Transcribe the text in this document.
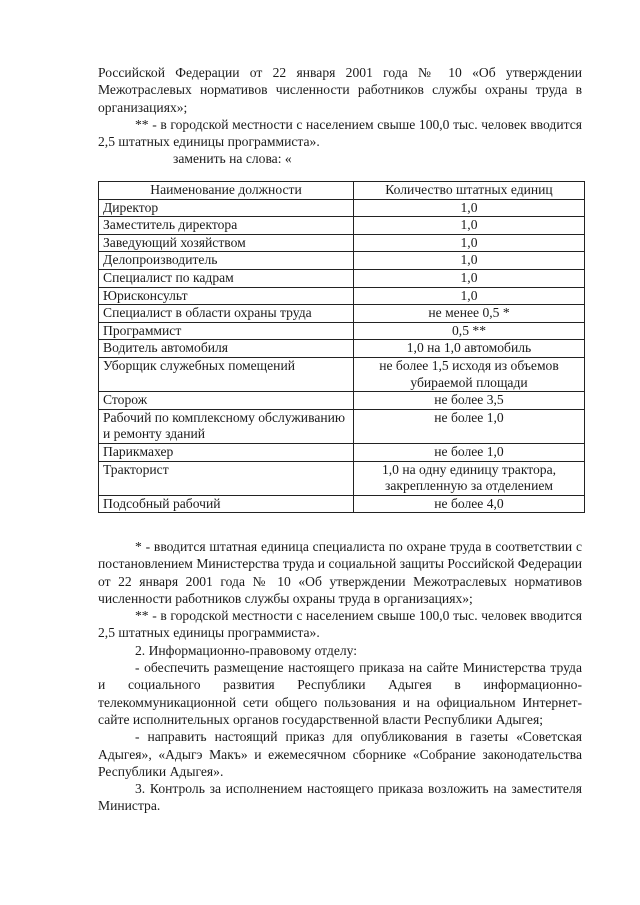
Российской Федерации от 22 января 2001 года № 10 «Об утверждении Межотраслевых нормативов численности работников службы охраны труда в организациях»;

** - в городской местности с населением свыше 100,0 тыс. человек вводится 2,5 штатных единицы программиста».

заменить на слова: «

Наименование должности	Количество штатных единиц
Директор	1,0
Заместитель директора	1,0
Заведующий хозяйством	1,0
Делопроизводитель	1,0
Специалист по кадрам	1,0
Юрисконсульт	1,0
Специалист в области охраны труда	не менее 0,5 *
Программист	0,5 **
Водитель автомобиля	1,0 на 1,0 автомобиль
Уборщик служебных помещений	не более 1,5 исходя из объемов убираемой площади
Сторож	не более 3,5
Рабочий по комплексному обслуживанию и ремонту зданий	не более 1,0
Парикмахер	не более 1,0
Тракторист	1,0 на одну единицу трактора, закрепленную за отделением
Подсобный рабочий	не более 4,0

* - вводится штатная единица специалиста по охране труда в соответствии с постановлением Министерства труда и социальной защиты Российской Федерации от 22 января 2001 года № 10 «Об утверждении Межотраслевых нормативов численности работников службы охраны труда в организациях»;

** - в городской местности с населением свыше 100,0 тыс. человек вводится 2,5 штатных единицы программиста».

2. Информационно-правовому отделу:

- обеспечить размещение настоящего приказа на сайте Министерства труда и социального развития Республики Адыгея в информационно-телекоммуникационной сети общего пользования и на официальном Интернет-сайте исполнительных органов государственной власти Республики Адыгея;

- направить настоящий приказ для опубликования в газеты «Советская Адыгея», «Адыгэ Макъ» и ежемесячном сборнике «Собрание законодательства Республики Адыгея».

3. Контроль за исполнением настоящего приказа возложить на заместителя Министра.
